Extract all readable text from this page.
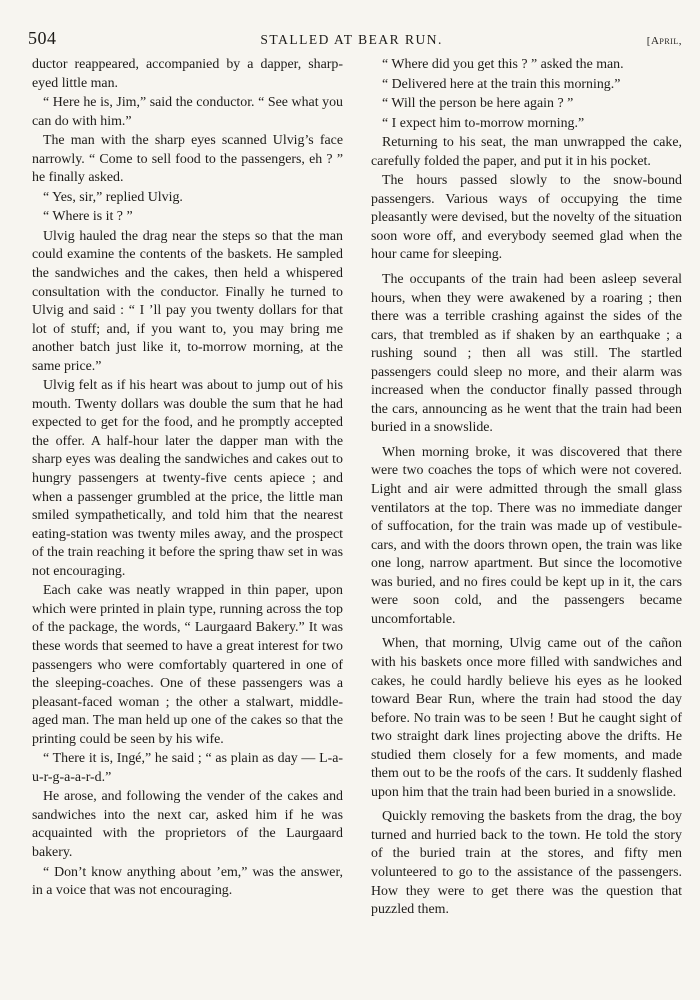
504	STALLED AT BEAR RUN.	[April,

ductor reappeared, accompanied by a dapper, sharp-eyed little man.

“ Here he is, Jim,” said the conductor. “ See what you can do with him.”

The man with the sharp eyes scanned Ulvig’s face narrowly. “ Come to sell food to the passengers, eh ? ” he finally asked.

“ Yes, sir,” replied Ulvig.

“ Where is it ? ”

Ulvig hauled the drag near the steps so that the man could examine the contents of the baskets. He sampled the sandwiches and the cakes, then held a whispered consultation with the conductor. Finally he turned to Ulvig and said : “ I ’ll pay you twenty dollars for that lot of stuff; and, if you want to, you may bring me another batch just like it, to-morrow morning, at the same price.”

Ulvig felt as if his heart was about to jump out of his mouth. Twenty dollars was double the sum that he had expected to get for the food, and he promptly accepted the offer. A half-hour later the dapper man with the sharp eyes was dealing the sandwiches and cakes out to hungry passengers at twenty-five cents apiece ; and when a passenger grumbled at the price, the little man smiled sympathetically, and told him that the nearest eating-station was twenty miles away, and the prospect of the train reaching it before the spring thaw set in was not encouraging.

Each cake was neatly wrapped in thin paper, upon which were printed in plain type, running across the top of the package, the words, “ Laurgaard Bakery.” It was these words that seemed to have a great interest for two passengers who were comfortably quartered in one of the sleeping-coaches. One of these passengers was a pleasant-faced woman ; the other a stalwart, middle-aged man. The man held up one of the cakes so that the printing could be seen by his wife.

“ There it is, Ingé,” he said ; “ as plain as day — L-a-u-r-g-a-a-r-d.”

He arose, and following the vender of the cakes and sandwiches into the next car, asked him if he was acquainted with the proprietors of the Laurgaard bakery.

“ Don’t know anything about ’em,” was the answer, in a voice that was not encouraging.

“ Where did you get this ? ” asked the man.

“ Delivered here at the train this morning.”

“ Will the person be here again ? ”

“ I expect him to-morrow morning.”

Returning to his seat, the man unwrapped the cake, carefully folded the paper, and put it in his pocket.

The hours passed slowly to the snow-bound passengers. Various ways of occupying the time pleasantly were devised, but the novelty of the situation soon wore off, and everybody seemed glad when the hour came for sleeping.

The occupants of the train had been asleep several hours, when they were awakened by a roaring ; then there was a terrible crashing against the sides of the cars, that trembled as if shaken by an earthquake ; a rushing sound ; then all was still. The startled passengers could sleep no more, and their alarm was increased when the conductor finally passed through the cars, announcing as he went that the train had been buried in a snowslide.

When morning broke, it was discovered that there were two coaches the tops of which were not covered. Light and air were admitted through the small glass ventilators at the top. There was no immediate danger of suffocation, for the train was made up of vestibule-cars, and with the doors thrown open, the train was like one long, narrow apartment. But since the locomotive was buried, and no fires could be kept up in it, the cars were soon cold, and the passengers became uncomfortable.

When, that morning, Ulvig came out of the cañon with his baskets once more filled with sandwiches and cakes, he could hardly believe his eyes as he looked toward Bear Run, where the train had stood the day before. No train was to be seen ! But he caught sight of two straight dark lines projecting above the drifts. He studied them closely for a few moments, and made them out to be the roofs of the cars. It suddenly flashed upon him that the train had been buried in a snowslide.

Quickly removing the baskets from the drag, the boy turned and hurried back to the town. He told the story of the buried train at the stores, and fifty men volunteered to go to the assistance of the passengers. How they were to get there was the question that puzzled them.
